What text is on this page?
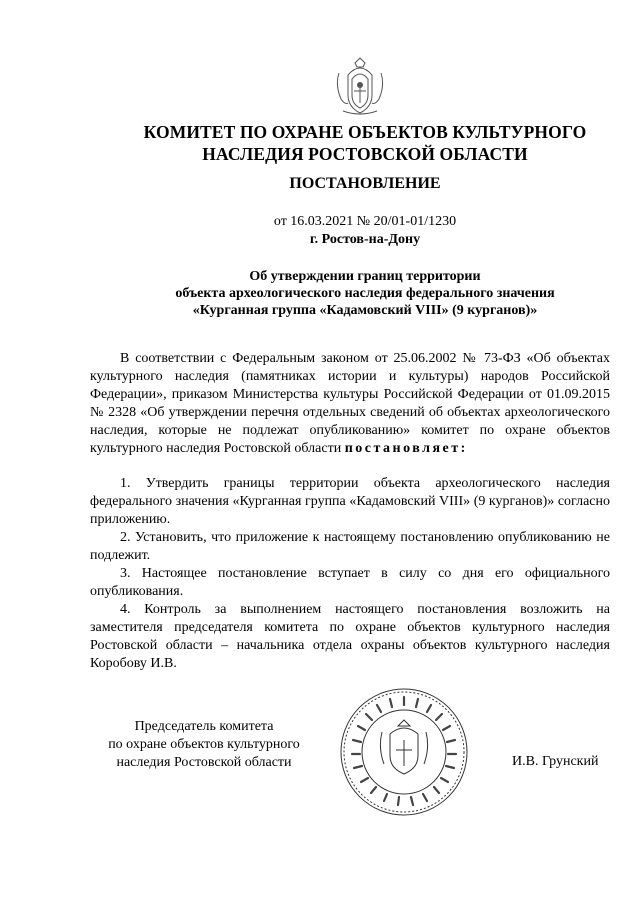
КОМИТЕТ ПО ОХРАНЕ ОБЪЕКТОВ КУЛЬТУРНОГО
НАСЛЕДИЯ РОСТОВСКОЙ ОБЛАСТИ
ПОСТАНОВЛЕНИЕ
от 16.03.2021 № 20/01-01/1230
г. Ростов-на-Дону
Об утверждении границ территории
объекта археологического наследия федерального значения
«Курганная группа «Кадамовский VIII» (9 курганов)»
В соответствии с Федеральным законом от 25.06.2002 № 73-ФЗ «Об объектах культурного наследия (памятниках истории и культуры) народов Российской Федерации», приказом Министерства культуры Российской Федерации от 01.09.2015 № 2328 «Об утверждении перечня отдельных сведений об объектах археологического наследия, которые не подлежат опубликованию» комитет по охране объектов культурного наследия Ростовской области постановляет:

1. Утвердить границы территории объекта археологического наследия федерального значения «Курганная группа «Кадамовский VIII» (9 курганов)» согласно приложению.

2. Установить, что приложение к настоящему постановлению опубликованию не подлежит.

3. Настоящее постановление вступает в силу со дня его официального опубликования.

4. Контроль за выполнением настоящего постановления возложить на заместителя председателя комитета по охране объектов культурного наследия Ростовской области – начальника отдела охраны объектов культурного наследия Коробову И.В.

Председатель комитета
по охране объектов культурного
наследия Ростовской области	И.В. Грунский
